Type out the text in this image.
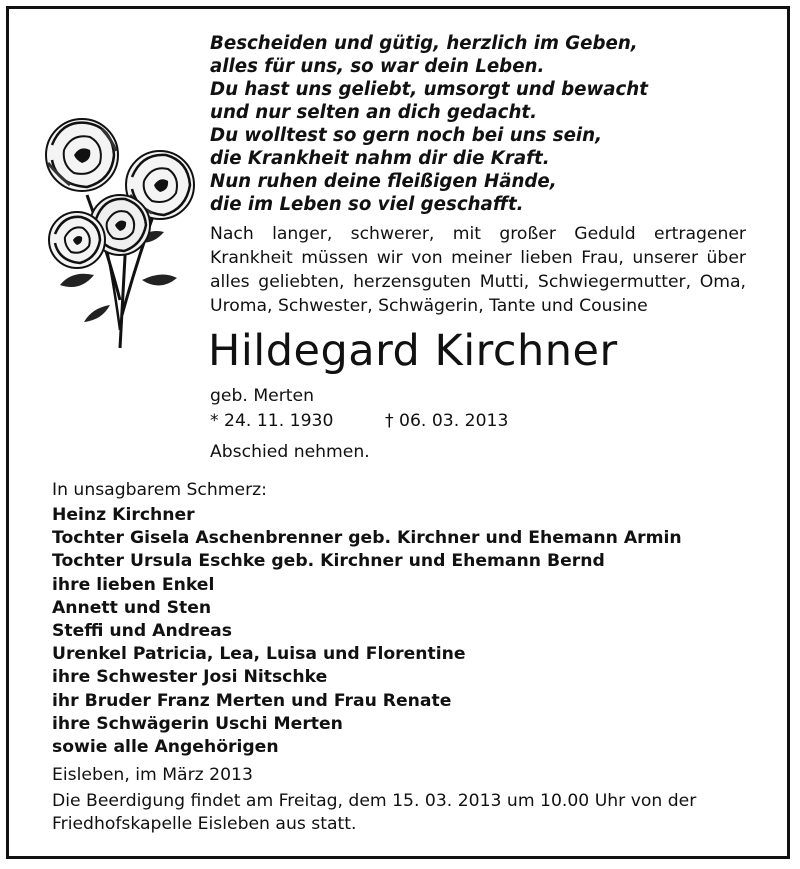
Bescheiden und gütig, herzlich im Geben,
alles für uns, so war dein Leben.
Du hast uns geliebt, umsorgt und bewacht
und nur selten an dich gedacht.
Du wolltest so gern noch bei uns sein,
die Krankheit nahm dir die Kraft.
Nun ruhen deine fleißigen Hände,
die im Leben so viel geschafft.
Nach langer, schwerer, mit großer Geduld ertragener Krankheit müssen wir von meiner lieben Frau, unserer über alles geliebten, herzensguten Mutti, Schwiegermutter, Oma, Uroma, Schwester, Schwägerin, Tante und Cousine
Hildegard Kirchner
geb. Merten
* 24. 11. 1930	† 06. 03. 2013
Abschied nehmen.
In unsagbarem Schmerz:
Heinz Kirchner
Tochter Gisela Aschenbrenner geb. Kirchner und Ehemann Armin
Tochter Ursula Eschke geb. Kirchner und Ehemann Bernd
ihre lieben Enkel
Annett und Sten
Steffi und Andreas
Urenkel Patricia, Lea, Luisa und Florentine
ihre Schwester Josi Nitschke
ihr Bruder Franz Merten und Frau Renate
ihre Schwägerin Uschi Merten
sowie alle Angehörigen
Eisleben, im März 2013
Die Beerdigung findet am Freitag, dem 15. 03. 2013 um 10.00 Uhr von der Friedhofskapelle Eisleben aus statt.
